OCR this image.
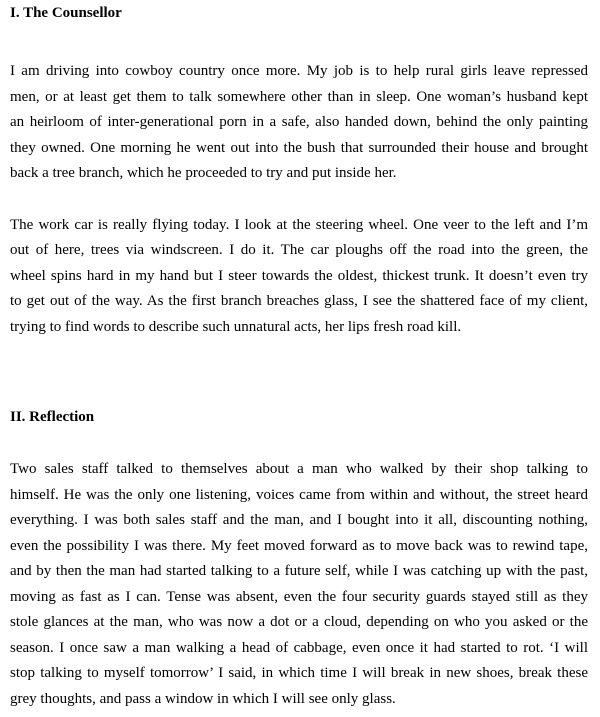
I. The Counsellor

I am driving into cowboy country once more. My job is to help rural girls leave repressed
men, or at least get them to talk somewhere other than in sleep. One woman’s husband kept
an heirloom of inter-generational porn in a safe, also handed down, behind the only painting
they owned. One morning he went out into the bush that surrounded their house and brought
back a tree branch, which he proceeded to try and put inside her.

The work car is really flying today. I look at the steering wheel. One veer to the left and I’m
out of here, trees via windscreen. I do it. The car ploughs off the road into the green, the
wheel spins hard in my hand but I steer towards the oldest, thickest trunk. It doesn’t even try
to get out of the way. As the first branch breaches glass, I see the shattered face of my client,
trying to find words to describe such unnatural acts, her lips fresh road kill.

II. Reflection

Two sales staff talked to themselves about a man who walked by their shop talking to
himself. He was the only one listening, voices came from within and without, the street heard
everything. I was both sales staff and the man, and I bought into it all, discounting nothing,
even the possibility I was there. My feet moved forward as to move back was to rewind tape,
and by then the man had started talking to a future self, while I was catching up with the past,
moving as fast as I can. Tense was absent, even the four security guards stayed still as they
stole glances at the man, who was now a dot or a cloud, depending on who you asked or the
season. I once saw a man walking a head of cabbage, even once it had started to rot. ‘I will
stop talking to myself tomorrow’ I said, in which time I will break in new shoes, break these
grey thoughts, and pass a window in which I will see only glass.
